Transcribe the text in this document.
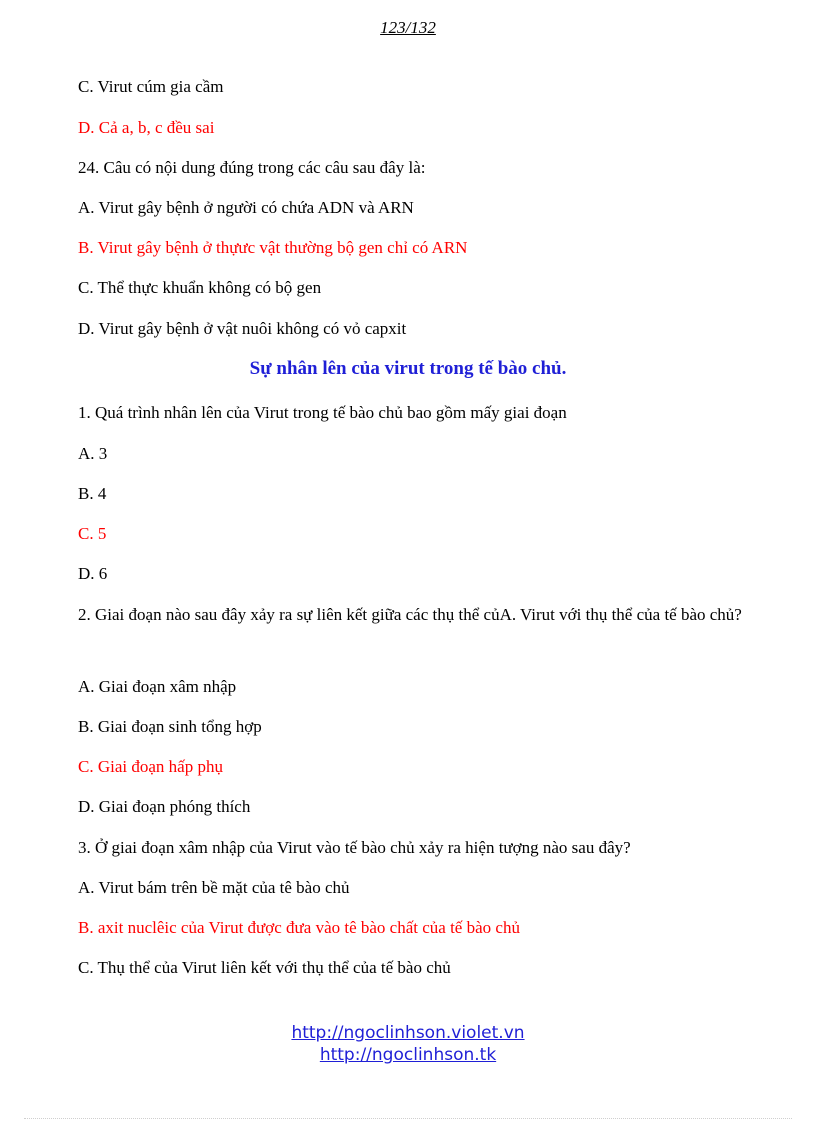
123/132
C. Virut cúm gia cầm
D. Cả a, b, c đều sai
24. Câu có nội dung đúng trong các câu sau đây là:
A. Virut gây bệnh ở người có chứa ADN và ARN
B. Virut gây bệnh ở thựưc vật thường bộ gen chỉ có ARN
C. Thể thực khuẩn không có bộ gen
D. Virut gây bệnh ở vật nuôi không có vỏ capxit
Sự nhân lên của virut trong tế bào chủ.
1. Quá trình nhân lên của Virut trong tế bào chủ bao gồm mấy giai đoạn
A. 3
B. 4
C. 5
D. 6
2. Giai đoạn nào sau đây xảy ra sự liên kết giữa các thụ thể củA. Virut với thụ thể của tế bào chủ?
A. Giai đoạn xâm nhập
B. Giai đoạn sinh tổng hợp
C. Giai đoạn hấp phụ
D. Giai đoạn phóng thích
3. Ở giai đoạn xâm nhập của Virut vào tế bào chủ xảy ra hiện tượng nào sau đây?
A. Virut bám trên bề mặt của tê bào chủ
B. axit nuclêic của Virut được đưa vào tê bào chất của tế bào chủ
C. Thụ thể của Virut liên kết với thụ thể của tế bào chủ
http://ngoclinhson.violet.vn
http://ngoclinhson.tk
